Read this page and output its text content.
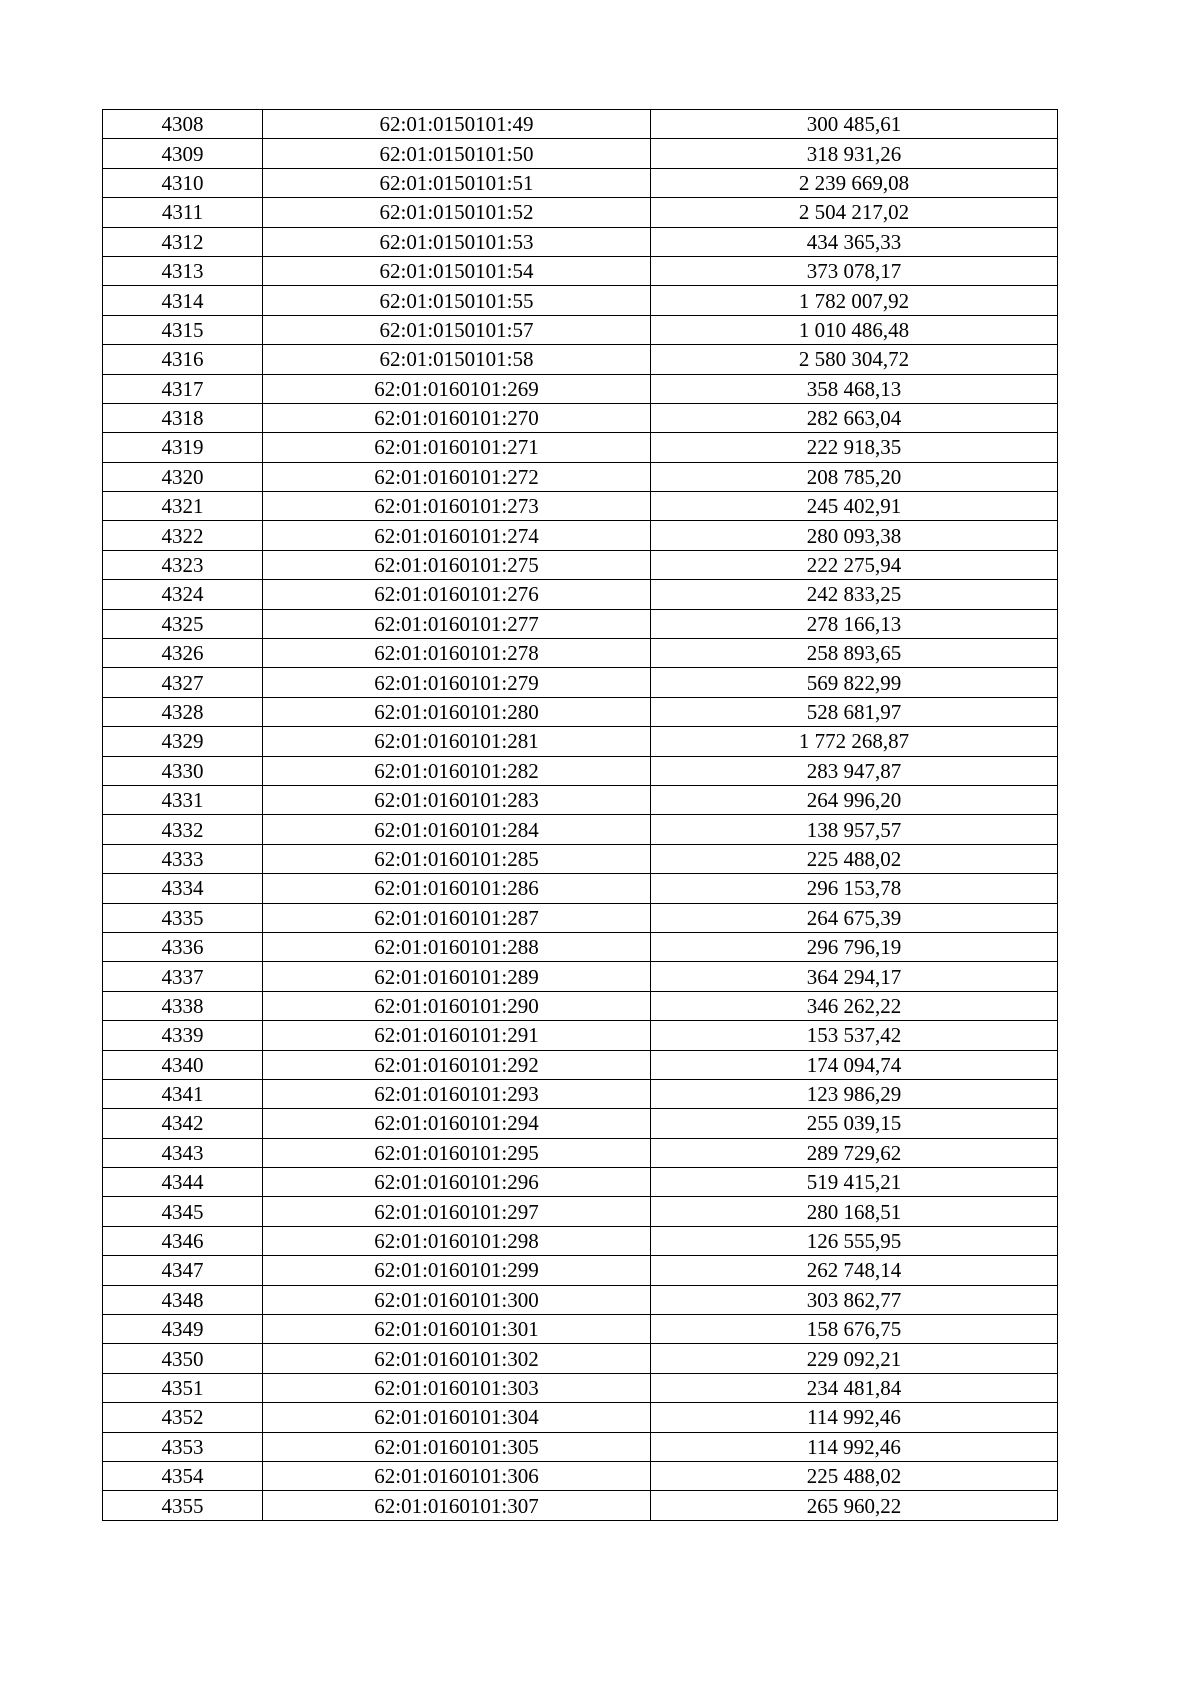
4308	62:01:0150101:49	300 485,61
4309	62:01:0150101:50	318 931,26
4310	62:01:0150101:51	2 239 669,08
4311	62:01:0150101:52	2 504 217,02
4312	62:01:0150101:53	434 365,33
4313	62:01:0150101:54	373 078,17
4314	62:01:0150101:55	1 782 007,92
4315	62:01:0150101:57	1 010 486,48
4316	62:01:0150101:58	2 580 304,72
4317	62:01:0160101:269	358 468,13
4318	62:01:0160101:270	282 663,04
4319	62:01:0160101:271	222 918,35
4320	62:01:0160101:272	208 785,20
4321	62:01:0160101:273	245 402,91
4322	62:01:0160101:274	280 093,38
4323	62:01:0160101:275	222 275,94
4324	62:01:0160101:276	242 833,25
4325	62:01:0160101:277	278 166,13
4326	62:01:0160101:278	258 893,65
4327	62:01:0160101:279	569 822,99
4328	62:01:0160101:280	528 681,97
4329	62:01:0160101:281	1 772 268,87
4330	62:01:0160101:282	283 947,87
4331	62:01:0160101:283	264 996,20
4332	62:01:0160101:284	138 957,57
4333	62:01:0160101:285	225 488,02
4334	62:01:0160101:286	296 153,78
4335	62:01:0160101:287	264 675,39
4336	62:01:0160101:288	296 796,19
4337	62:01:0160101:289	364 294,17
4338	62:01:0160101:290	346 262,22
4339	62:01:0160101:291	153 537,42
4340	62:01:0160101:292	174 094,74
4341	62:01:0160101:293	123 986,29
4342	62:01:0160101:294	255 039,15
4343	62:01:0160101:295	289 729,62
4344	62:01:0160101:296	519 415,21
4345	62:01:0160101:297	280 168,51
4346	62:01:0160101:298	126 555,95
4347	62:01:0160101:299	262 748,14
4348	62:01:0160101:300	303 862,77
4349	62:01:0160101:301	158 676,75
4350	62:01:0160101:302	229 092,21
4351	62:01:0160101:303	234 481,84
4352	62:01:0160101:304	114 992,46
4353	62:01:0160101:305	114 992,46
4354	62:01:0160101:306	225 488,02
4355	62:01:0160101:307	265 960,22
